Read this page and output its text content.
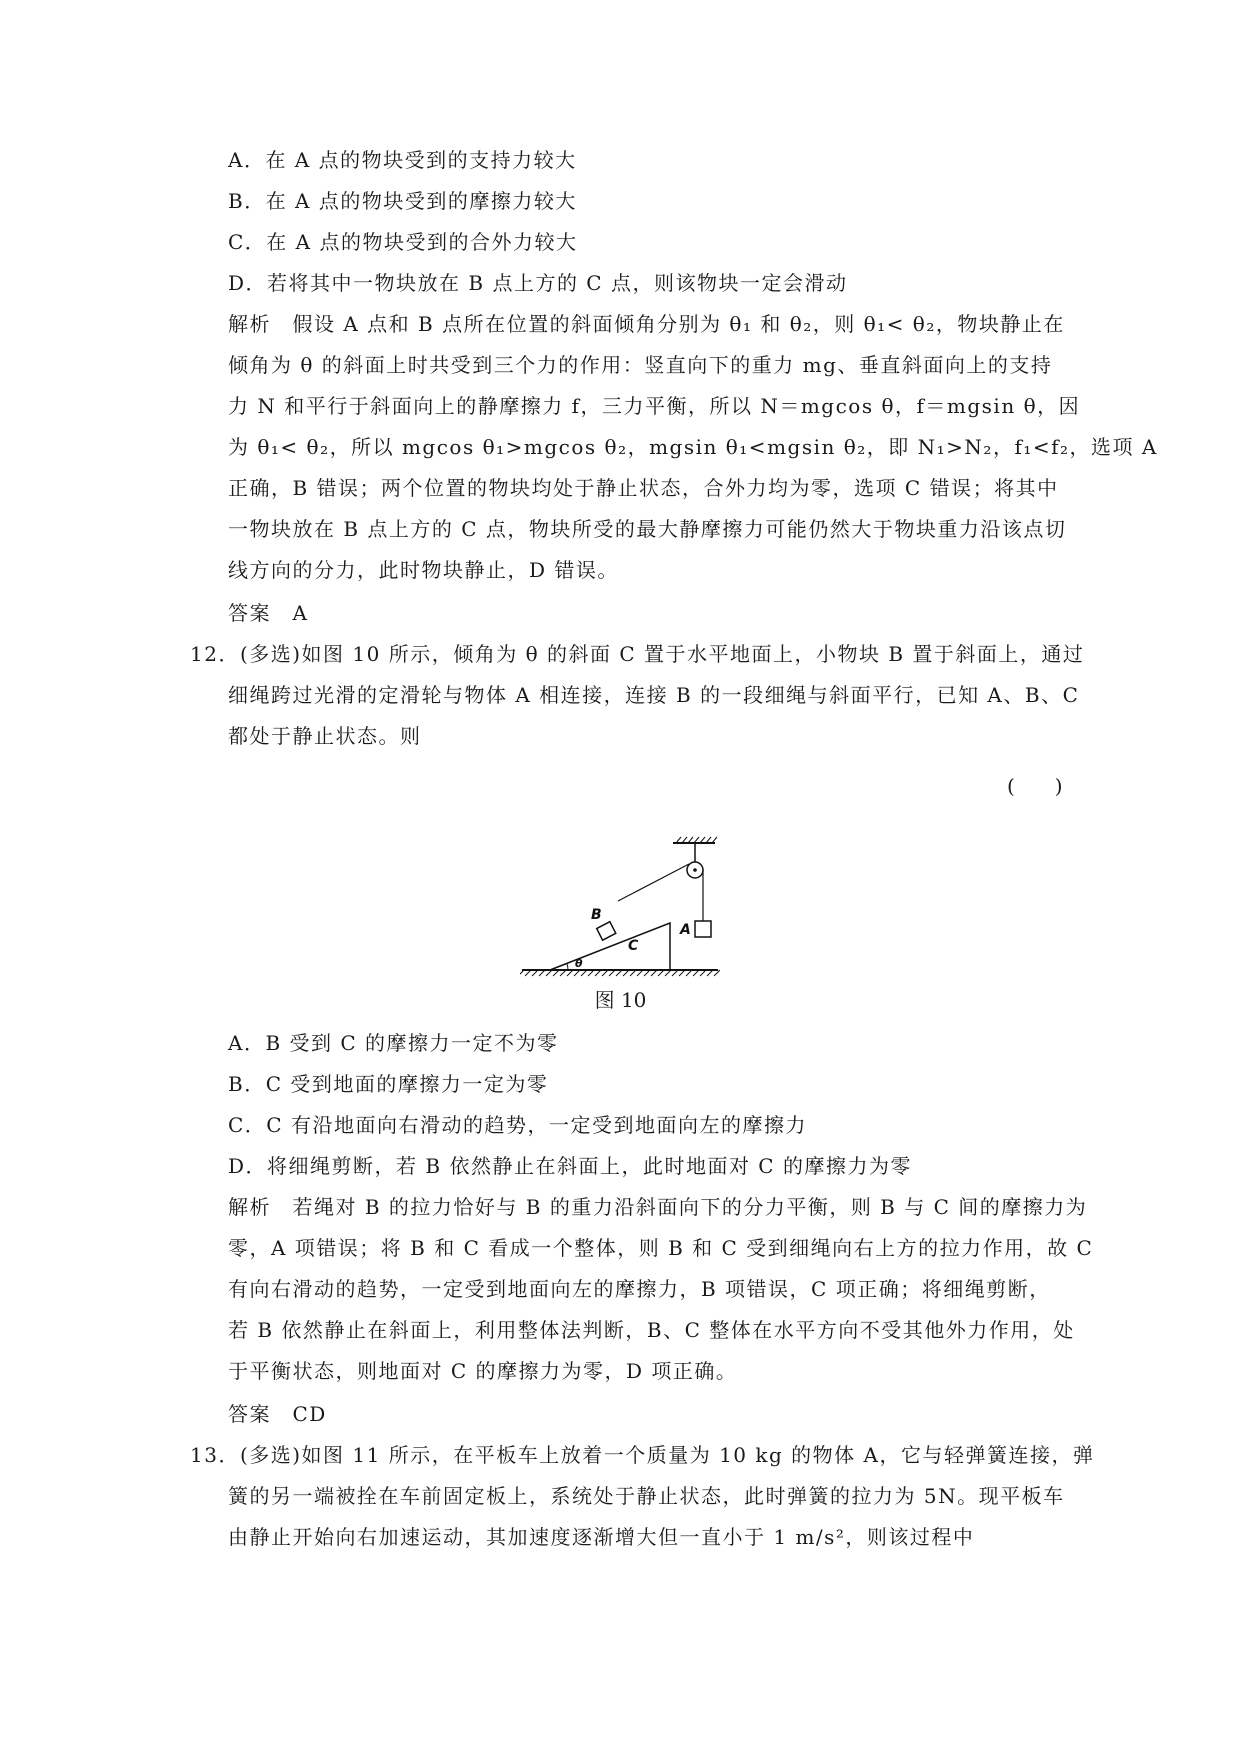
A．在 A 点的物块受到的支持力较大
B．在 A 点的物块受到的摩擦力较大
C．在 A 点的物块受到的合外力较大
D．若将其中一物块放在 B 点上方的 C 点，则该物块一定会滑动
解析　假设 A 点和 B 点所在位置的斜面倾角分别为 θ₁ 和 θ₂，则 θ₁< θ₂，物块静止在
倾角为 θ 的斜面上时共受到三个力的作用：竖直向下的重力 mg、垂直斜面向上的支持
力 N 和平行于斜面向上的静摩擦力 f，三力平衡，所以 N＝mgcos θ，f＝mgsin θ，因
为 θ₁< θ₂，所以 mgcos θ₁>mgcos θ₂，mgsin θ₁<mgsin θ₂，即 N₁>N₂，f₁<f₂，选项 A
正确，B 错误；两个位置的物块均处于静止状态，合外力均为零，选项 C 错误；将其中
一物块放在 B 点上方的 C 点，物块所受的最大静摩擦力可能仍然大于物块重力沿该点切
线方向的分力，此时物块静止，D 错误。
答案　A
12．(多选)如图 10 所示，倾角为 θ 的斜面 C 置于水平地面上，小物块 B 置于斜面上，通过
细绳跨过光滑的定滑轮与物体 A 相连接，连接 B 的一段细绳与斜面平行，已知 A、B、C
都处于静止状态。则
(　　)
B
C
A
θ
图 10
A．B 受到 C 的摩擦力一定不为零
B．C 受到地面的摩擦力一定为零
C．C 有沿地面向右滑动的趋势，一定受到地面向左的摩擦力
D．将细绳剪断，若 B 依然静止在斜面上，此时地面对 C 的摩擦力为零
解析　若绳对 B 的拉力恰好与 B 的重力沿斜面向下的分力平衡，则 B 与 C 间的摩擦力为
零，A 项错误；将 B 和 C 看成一个整体，则 B 和 C 受到细绳向右上方的拉力作用，故 C
有向右滑动的趋势，一定受到地面向左的摩擦力，B 项错误，C 项正确；将细绳剪断，
若 B 依然静止在斜面上，利用整体法判断，B、C 整体在水平方向不受其他外力作用，处
于平衡状态，则地面对 C 的摩擦力为零，D 项正确。
答案　CD
13．(多选)如图 11 所示，在平板车上放着一个质量为 10 kg 的物体 A，它与轻弹簧连接，弹
簧的另一端被拴在车前固定板上，系统处于静止状态，此时弹簧的拉力为 5N。现平板车
由静止开始向右加速运动，其加速度逐渐增大但一直小于 1 m/s²，则该过程中
